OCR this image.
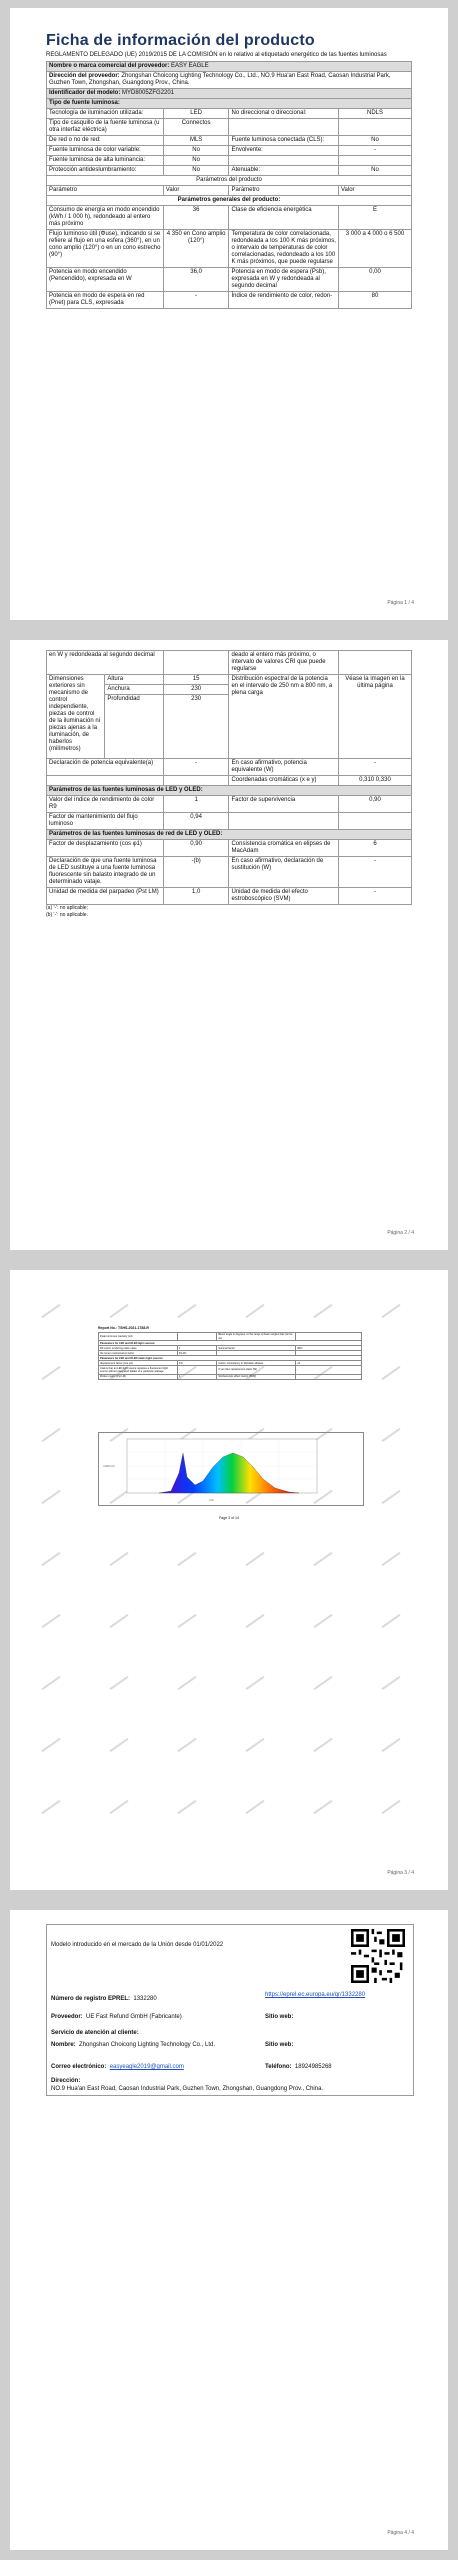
Ficha de información del producto
REGLAMENTO DELEGADO (UE) 2019/2015 DE LA COMISIÓN en lo relativo al etiquetado energético de las fuentes luminosas
Nombre o marca comercial del proveedor: EASY EAGLE			
Dirección del proveedor: Zhongshan Choicong Lighting Technology Co., Ltd., NO.9 Hua'an East Road, Caosan Industrial Park, Guzhen Town, Zhongshan, Guangdong Prov., China.			
Identificador del modelo: MYD8005ZFG2201			
Tipo de fuente luminosa:			
Tecnología de iluminación utilizada:	LED	No direccional o direccional:	NDLS
Tipo de casquillo de la fuente luminosa (u otra interfaz eléctrica)	Connectos		
De red o no de red:	MLS	Fuente luminosa conectada (CLS):	No
Fuente luminosa de color variable:	No	Envolvente:	-
Fuente luminosa de alta luminancia:	No		
Protección antideslumbramiento:	No	Atenuable:	No
Parámetros del producto			
Parámetro	Valor	Parámetro	Valor
Parámetros generales del producto:			
Consumo de energía en modo encendido (kWh / 1 000 h), redondeado al entero más próximo	36	Clase de eficiencia energética	E
Flujo luminoso útil (Φuse), indicando si se refiere al flujo en una esfera (360°), en un cono amplio (120°) o en un cono estrecho (90°)	4 350 en Cono amplio (120°)	Temperatura de color correlacionada, redondeada a los 100 K más próximos, o intervalo de temperaturas de color correlacionadas, redondeado a los 100 K más próximos, que puede regularse	3 000 a 4 000 o 6 500
Potencia en modo encendido (Pencendido), expresada en W	36,0	Potencia en modo de espera (Psb), expresada en W y redondeada al segundo decimal	0,00
Potencia en modo de espera en red (Pnet) para CLS, expresada	-	Índice de rendimiento de color, redon-	80
Página 1 / 4
en W y redondeada al segundo decimal			deado al entero más próximo, o intervalo de valores CRI que puede regularse	
Dimensiones exteriores sin mecanismo de control independiente, piezas de control de la iluminación ni piezas ajenas a la iluminación, de haberlos (milímetros)	Altura	15	Distribución espectral de la potencia en el intervalo de 250 nm a 800 nm, a plena carga	Véase la imagen en la última página
	Anchura	230		
	Profundidad	230		
Declaración de potencia equivalente(a)		-	En caso afirmativo, potencia equivalente (W)	-
			Coordenadas cromáticas (x e y)	0,310 0,330
Parámetros de las fuentes luminosas de LED y OLED:				
Valor del índice de rendimiento de color R9		1	Factor de supervivencia	0,90
Factor de mantenimiento del flujo luminoso		0,94		
Parámetros de las fuentes luminosas de red de LED y OLED:				
Factor de desplazamiento (cos φ1)		0,90	Consistencia cromática en elipses de MacAdam	6
Declaración de que una fuente luminosa de LED sustituye a una fuente luminosa fluorescente sin balasto integrado de un determinado vataje.		-(b)	En caso afirmativo, declaración de sustitución (W)	-
Unidad de medida del parpadeo (Pst LM)		1,0	Unidad de medida del efecto estroboscópico (SVM)	-
(a) '-': no aplicable;
(b) '-': no aplicable.
Página 2 / 4
Report No.: TSHS-2021-1788-R
Peak luminous intensity (cd)		Beam angle in degrees, or the range of beam angles that can be set	
Parameters for LED and OLED light sources:			
R9 colour rendering index value	1	Survival factor	90%
the lumen maintenance factor	94.4%		
Parameters for LED and OLED mains light sources:			
displacement factor (cos φ1)	0.9	Colour consistency in McAdam ellipses	≤6
Claims that an LED light source replaces a fluorescent light source without integrated ballast of a particular wattage.	-	If yes then replacement claim (W)	-
Flicker metric (Pst LM)	1	Stroboscopic effect metric (SVM)	
mW/nm
nm
Page 3 of 14
Página 3 / 4
Modelo introducido en el mercado de la Unión desde 01/01/2022
Número de registro EPREL: 1332280
https://eprel.ec.europa.eu/qr/1332280
Proveedor: UE Fast Refund GmbH (Fabricante)	Sitio web:
Servicio de atención al cliente:
Nombre: Zhongshan Choicong Lighting Technology Co., Ltd.	Sitio web:
Correo electrónico: easyeagle2019@gmail.com	Teléfono: 18924985268
Dirección:
NO.9 Hua'an East Road, Caosan Industrial Park, Guzhen Town, Zhongshan, Guangdong Prov., China.
Página 4 / 4
